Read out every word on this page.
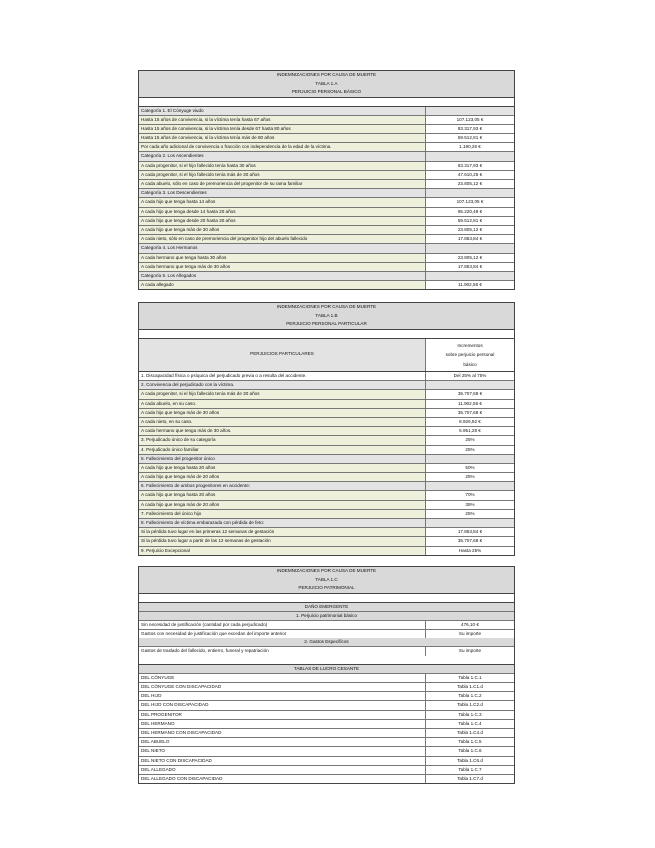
INDEMNIZACIONES POR CAUSA DE MUERTE
TABLA 1.A
PERJUICIO PERSONAL BÁSICO
Categoría 1. El Cónyuge viudo
Hasta 15 años de convivencia, si la víctima tenía hasta 67 años	107.123,05 €
Hasta 15 años de convivencia, si la víctima tenía desde 67 hasta 80 años	83.317,93 €
Hasta 15 años de convivencia, si la víctima tenía más de 80 años	59.512,81 €
Por cada año adicional de convivencia o fracción con independencia de la edad de la víctima.	1.190,26 €
Categoría 2. Los Ascendientes
A cada progenitor, si el hijo fallecido tenía hasta 30 años	83.317,93 €
A cada progenitor, si el hijo fallecido tenía más de 30 años	47.610,25 €
A cada abuelo, sólo en caso de premoriencia del progenitor de su rama familiar	23.805,12 €
Categoría 3. Los Descendientes
A cada hijo que tenga hasta 14 años	107.123,05 €
A cada hijo que tenga desde 14 hasta 20 años	95.220,49 €
A cada hijo que tenga desde 20 hasta 30 años	59.512,81 €
A cada hijo que tenga más de 30 años	23.805,12 €
A cada nieto, sólo en caso de premoriencia del progenitor hijo del abuelo fallecido	17.853,84 €
Categoría 4. Los Hermanos
A cada hermano que tenga hasta 30 años	23.805,12 €
A cada hermano que tenga más de 30 años	17.853,84 €
Categoría 5. Los Allegados
A cada allegado	11.902,56 €
INDEMNIZACIONES POR CAUSA DE MUERTE
TABLA 1.B
PERJUICIO PERSONAL PARTICULAR
PERJUICIOS PARTICULARES
Incrementos
sobre perjuicio personal
básico
1. Discapacidad física o psíquica del perjudicado previa o a resulta del accidente.	Del 25% al 75%
2. Convivencia del perjudicado con la víctima.
A cada progenitor, si el hijo fallecido tenía más de 30 años	35.707,68 €
A cada abuelo, en su caso.	11.902,56 €
A cada hijo que tenga más de 30 años	35.707,68 €
A cada nieto, en su caso.	8.926,92 €
A cada hermano que tenga más de 30 años.	5.951,28 €
3. Perjudicado único de su categoría	25%
4. Perjudicado único familiar	25%
5. Fallecimiento del progenitor único
A cada hijo que tenga hasta 20 años	50%
A cada hijo que tenga más de 20 años	25%
6. Fallecimiento de ambos progenitores en accidente:
A cada hijo que tenga hasta 20 años	70%
A cada hijo que tenga más de 20 años	35%
7. Fallecimiento del único hijo	25%
8. Fallecimiento de víctima embarazada con pérdida de feto:
Si la pérdida tuvo lugar en las primeras 12 semanas de gestación	17.853,84 €
Si la pérdida tuvo lugar a partir de las 12 semanas de gestación	35.707,68 €
9. Perjuicio Excepcional	Hasta 25%
INDEMNIZACIONES POR CAUSA DE MUERTE
TABLA 1.C
PERJUICIO PATRIMONIAL
DAÑO EMERGENTE
1. Perjuicio patrimonial básico
Sin necesidad de justificación (cantidad por cada perjudicado)	476,10 €
Gastos con necesidad de justificación que excedan del importe anterior	Su importe
2. Gastos Específicos
Gastos de traslado del fallecido, entierro, funeral y repatriación	Su importe
TABLAS DE LUCRO CESANTE
DEL CÓNYUGE	Tabla 1.C.1
DEL CÓNYUGE CON DISCAPACIDAD	Tabla 1.C1.d
DEL HIJO	Tabla 1.C.2
DEL HIJO CON DISCAPACIDAD	Tabla 1.C2.d
DEL PROGENITOR	Tabla 1.C.3
DEL HERMANO	Tabla 1.C.4
DEL HERMANO CON DISCAPACIDAD	Tabla 1.C4.d
DEL ABUELO	Tabla 1.C.5
DEL NIETO	Tabla 1.C.6
DEL NIETO CON DISCAPACIDAD	Tabla 1.C6.d
DEL ALLEGADO	Tabla 1.C.7
DEL ALLEGADO CON DISCAPACIDAD	Tabla 1.C7.d
